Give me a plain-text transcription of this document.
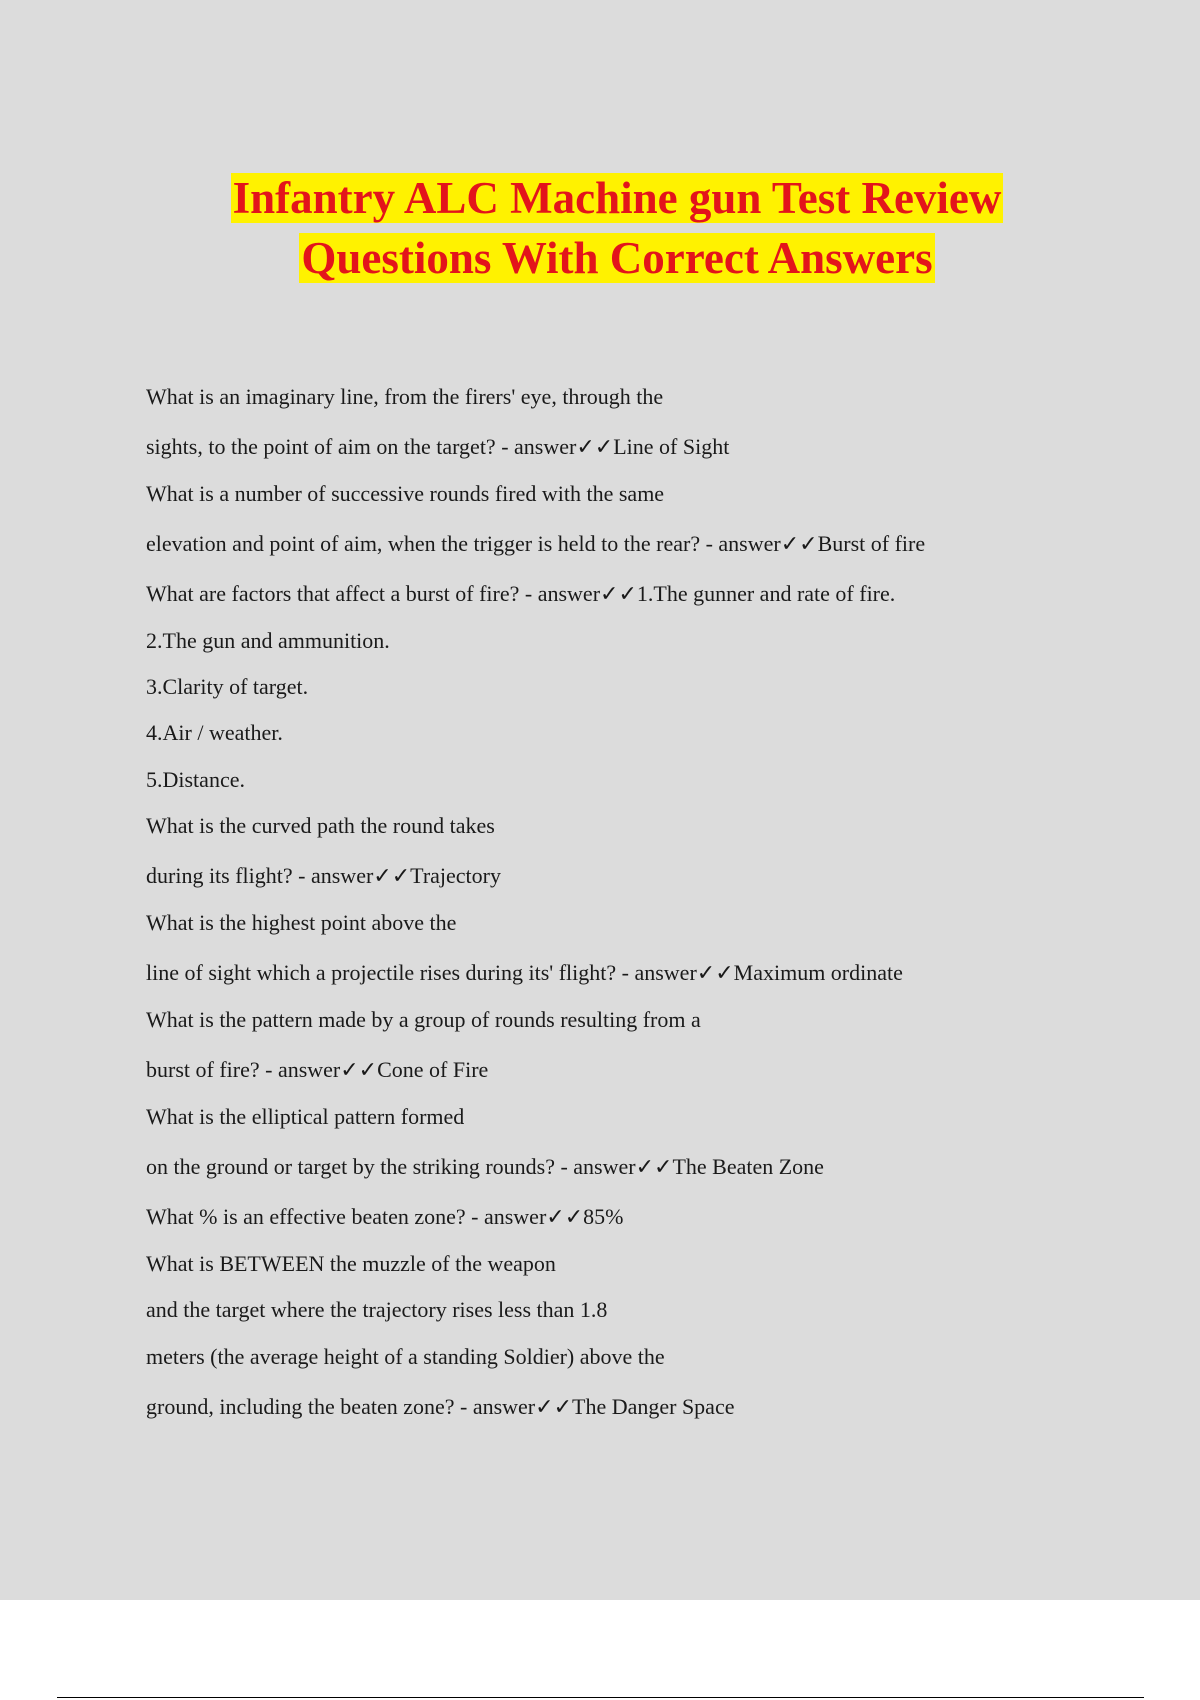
Infantry ALC Machine gun Test Review
Questions With Correct Answers
What is an imaginary line, from the firers' eye, through the
sights, to the point of aim on the target? - answer✓✓Line of Sight
What is a number of successive rounds fired with the same
elevation and point of aim, when the trigger is held to the rear? - answer✓✓Burst of fire
What are factors that affect a burst of fire? - answer✓✓1.The gunner and rate of fire.
2.The gun and ammunition.
3.Clarity of target.
4.Air / weather.
5.Distance.
What is the curved path the round takes
during its flight? - answer✓✓Trajectory
What is the highest point above the
line of sight which a projectile rises during its' flight? - answer✓✓Maximum ordinate
What is the pattern made by a group of rounds resulting from a
burst of fire? - answer✓✓Cone of Fire
What is the elliptical pattern formed
on the ground or target by the striking rounds? - answer✓✓The Beaten Zone
What % is an effective beaten zone? - answer✓✓85%
What is BETWEEN the muzzle of the weapon
and the target where the trajectory rises less than 1.8
meters (the average height of a standing Soldier) above the
ground, including the beaten zone? - answer✓✓The Danger Space
